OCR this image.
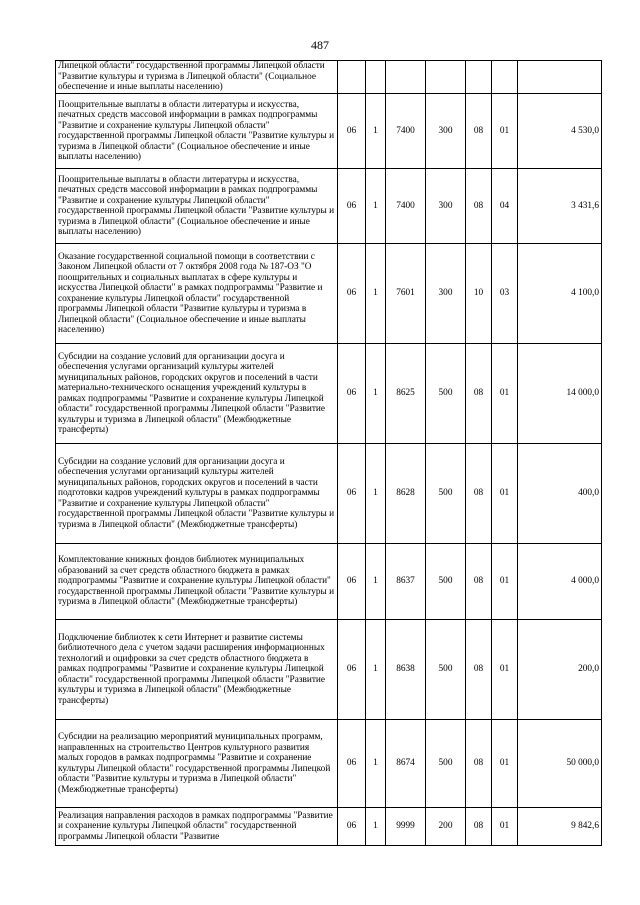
487
Липецкой области" государственной программы Липецкой области "Развитие культуры и туризма в Липецкой области" (Социальное обеспечение и иные выплаты населению)							
Поощрительные выплаты в области литературы и искусства, печатных средств массовой информации в рамках подпрограммы "Развитие и сохранение культуры Липецкой области" государственной программы Липецкой области "Развитие культуры и туризма в Липецкой области" (Социальное обеспечение и иные выплаты населению)	06	1	7400	300	08	01	4 530,0
Поощрительные выплаты в области литературы и искусства, печатных средств массовой информации в рамках подпрограммы "Развитие и сохранение культуры Липецкой области" государственной программы Липецкой области "Развитие культуры и туризма в Липецкой области" (Социальное обеспечение и иные выплаты населению)	06	1	7400	300	08	04	3 431,6
Оказание государственной социальной помощи в соответствии с Законом Липецкой области от 7 октября 2008 года № 187-ОЗ "О поощрительных и социальных выплатах в сфере культуры и искусства Липецкой области" в рамках подпрограммы "Развитие и сохранение культуры Липецкой области" государственной программы Липецкой области "Развитие культуры и туризма в Липецкой области" (Социальное обеспечение и иные выплаты населению)	06	1	7601	300	10	03	4 100,0
Субсидии на создание условий для организации досуга и обеспечения услугами организаций культуры жителей муниципальных районов, городских округов и поселений в части материально-технического оснащения учреждений культуры в рамках подпрограммы "Развитие и сохранение культуры Липецкой области" государственной программы Липецкой области "Развитие культуры и туризма в Липецкой области" (Межбюджетные трансферты)	06	1	8625	500	08	01	14 000,0
Субсидии на создание условий для организации досуга и обеспечения услугами организаций культуры жителей муниципальных районов, городских округов и поселений в части подготовки кадров учреждений культуры в рамках подпрограммы "Развитие и сохранение культуры Липецкой области" государственной программы Липецкой области "Развитие культуры и туризма в Липецкой области" (Межбюджетные трансферты)	06	1	8628	500	08	01	400,0
Комплектование книжных фондов библиотек муниципальных образований за счет средств областного бюджета в рамках подпрограммы "Развитие и сохранение культуры Липецкой области" государственной программы Липецкой области "Развитие культуры и туризма в Липецкой области" (Межбюджетные трансферты)	06	1	8637	500	08	01	4 000,0
Подключение библиотек к сети Интернет и развитие системы библиотечного дела с учетом задачи расширения информационных технологий и оцифровки за счет средств областного бюджета в рамках подпрограммы "Развитие и сохранение культуры Липецкой области" государственной программы Липецкой области "Развитие культуры и туризма в Липецкой области" (Межбюджетные трансферты)	06	1	8638	500	08	01	200,0
Субсидии на реализацию мероприятий муниципальных программ, направленных на строительство Центров культурного развития малых городов в рамках подпрограммы "Развитие и сохранение культуры Липецкой области" государственной программы Липецкой области "Развитие культуры и туризма в Липецкой области" (Межбюджетные трансферты)	06	1	8674	500	08	01	50 000,0
Реализация направления расходов в рамках подпрограммы "Развитие и сохранение культуры Липецкой области" государственной программы Липецкой области "Развитие	06	1	9999	200	08	01	9 842,6
